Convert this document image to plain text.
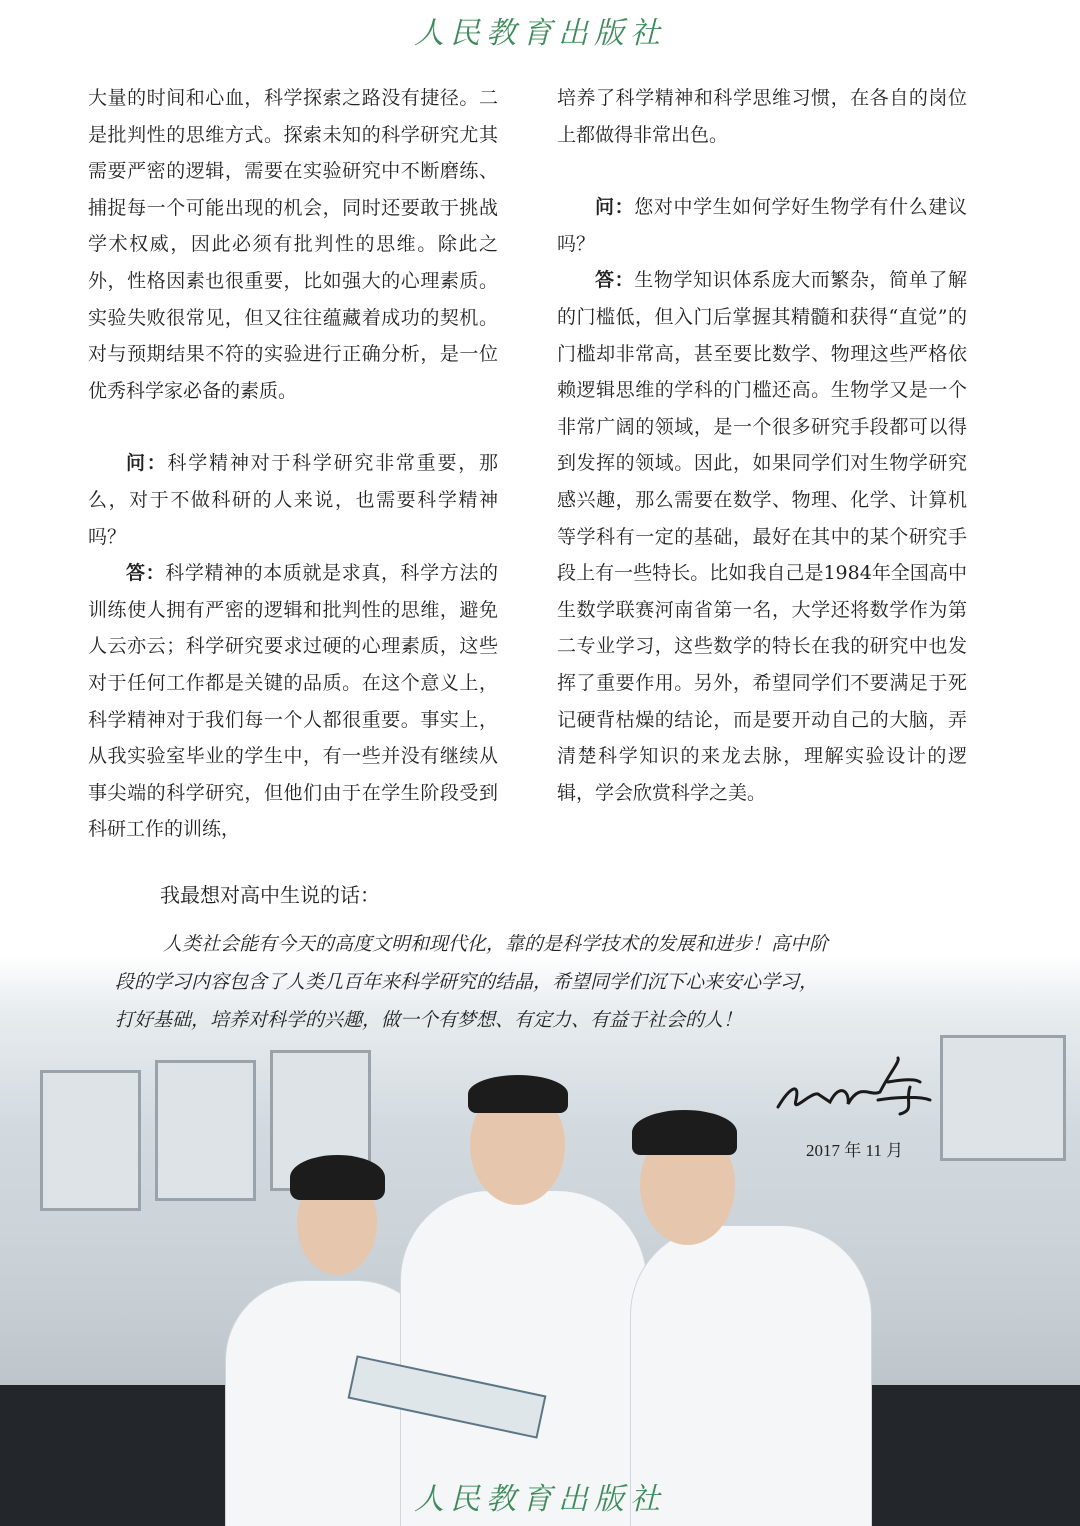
人民教育出版社

大量的时间和心血，科学探索之路没有捷径。二是批判性的思维方式。探索未知的科学研究尤其需要严密的逻辑，需要在实验研究中不断磨练、捕捉每一个可能出现的机会，同时还要敢于挑战学术权威，因此必须有批判性的思维。除此之外，性格因素也很重要，比如强大的心理素质。实验失败很常见，但又往往蕴藏着成功的契机。对与预期结果不符的实验进行正确分析，是一位优秀科学家必备的素质。

问：科学精神对于科学研究非常重要，那么，对于不做科研的人来说，也需要科学精神吗？

答：科学精神的本质就是求真，科学方法的训练使人拥有严密的逻辑和批判性的思维，避免人云亦云；科学研究要求过硬的心理素质，这些对于任何工作都是关键的品质。在这个意义上，科学精神对于我们每一个人都很重要。事实上，从我实验室毕业的学生中，有一些并没有继续从事尖端的科学研究，但他们由于在学生阶段受到科研工作的训练，

培养了科学精神和科学思维习惯，在各自的岗位上都做得非常出色。

问：您对中学生如何学好生物学有什么建议吗？

答：生物学知识体系庞大而繁杂，简单了解的门槛低，但入门后掌握其精髓和获得“直觉”的门槛却非常高，甚至要比数学、物理这些严格依赖逻辑思维的学科的门槛还高。生物学又是一个非常广阔的领域，是一个很多研究手段都可以得到发挥的领域。因此，如果同学们对生物学研究感兴趣，那么需要在数学、物理、化学、计算机等学科有一定的基础，最好在其中的某个研究手段上有一些特长。比如我自己是1984年全国高中生数学联赛河南省第一名，大学还将数学作为第二专业学习，这些数学的特长在我的研究中也发挥了重要作用。另外，希望同学们不要满足于死记硬背枯燥的结论，而是要开动自己的大脑，弄清楚科学知识的来龙去脉，理解实验设计的逻辑，学会欣赏科学之美。

我最想对高中生说的话：

人类社会能有今天的高度文明和现代化，靠的是科学技术的发展和进步！高中阶

段的学习内容包含了人类几百年来科学研究的结晶，希望同学们沉下心来安心学习，

打好基础，培养对科学的兴趣，做一个有梦想、有定力、有益于社会的人！

2017 年 11 月
人民教育出版社
